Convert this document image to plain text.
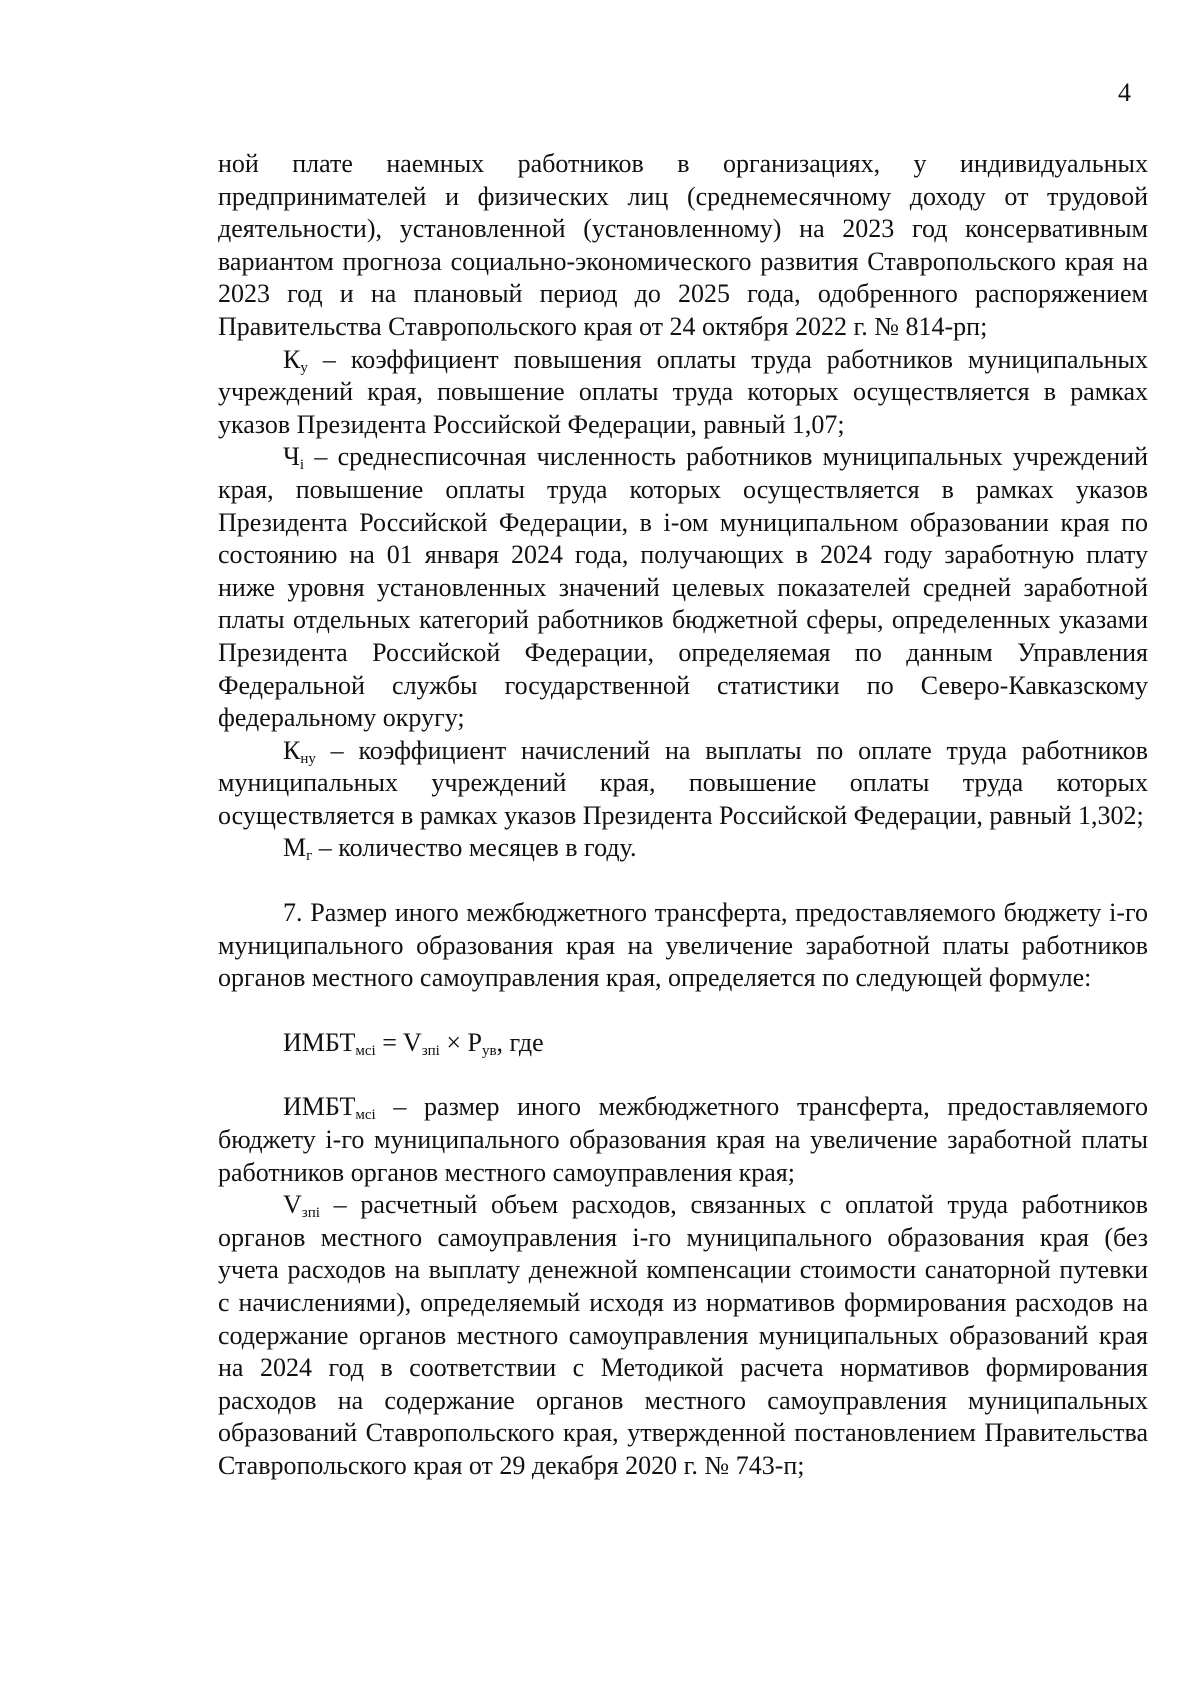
4

ной плате наемных работников в организациях, у индивидуальных предпринимателей и физических лиц (среднемесячному доходу от трудовой деятельности), установленной (установленному) на 2023 год консервативным вариантом прогноза социально-экономического развития Ставропольского края на 2023 год и на плановый период до 2025 года, одобренного распоряжением Правительства Ставропольского края от 24 октября 2022 г. № 814-рп;

$К_у$ – коэффициент повышения оплаты труда работников муниципальных учреждений края, повышение оплаты труда которых осуществляется в рамках указов Президента Российской Федерации, равный 1,07;

$Ч_i$ – среднесписочная численность работников муниципальных учреждений края, повышение оплаты труда которых осуществляется в рамках указов Президента Российской Федерации, в i-ом муниципальном образовании края по состоянию на 01 января 2024 года, получающих в 2024 году заработную плату ниже уровня установленных значений целевых показателей средней заработной платы отдельных категорий работников бюджетной сферы, определенных указами Президента Российской Федерации, определяемая по данным Управления Федеральной службы государственной статистики по Северо-Кавказскому федеральному округу;

$К_{ну}$ – коэффициент начислений на выплаты по оплате труда работников муниципальных учреждений края, повышение оплаты труда которых осуществляется в рамках указов Президента Российской Федерации, равный 1,302;

$М_г$ – количество месяцев в году.

7. Размер иного межбюджетного трансферта, предоставляемого бюджету i-го муниципального образования края на увеличение заработной платы работников органов местного самоуправления края, определяется по следующей формуле:

$ИМБТ_{мсi} = V_{зпi} \times Р_{ув}$, где

$ИМБТ_{мсi}$ – размер иного межбюджетного трансферта, предоставляемого бюджету i-го муниципального образования края на увеличение заработной платы работников органов местного самоуправления края;

$V_{зпi}$ – расчетный объем расходов, связанных с оплатой труда работников органов местного самоуправления i-го муниципального образования края (без учета расходов на выплату денежной компенсации стоимости санаторной путевки с начислениями), определяемый исходя из нормативов формирования расходов на содержание органов местного самоуправления муниципальных образований края на 2024 год в соответствии с Методикой расчета нормативов формирования расходов на содержание органов местного самоуправления муниципальных образований Ставропольского края, утвержденной постановлением Правительства Ставропольского края от 29 декабря 2020 г. № 743-п;
